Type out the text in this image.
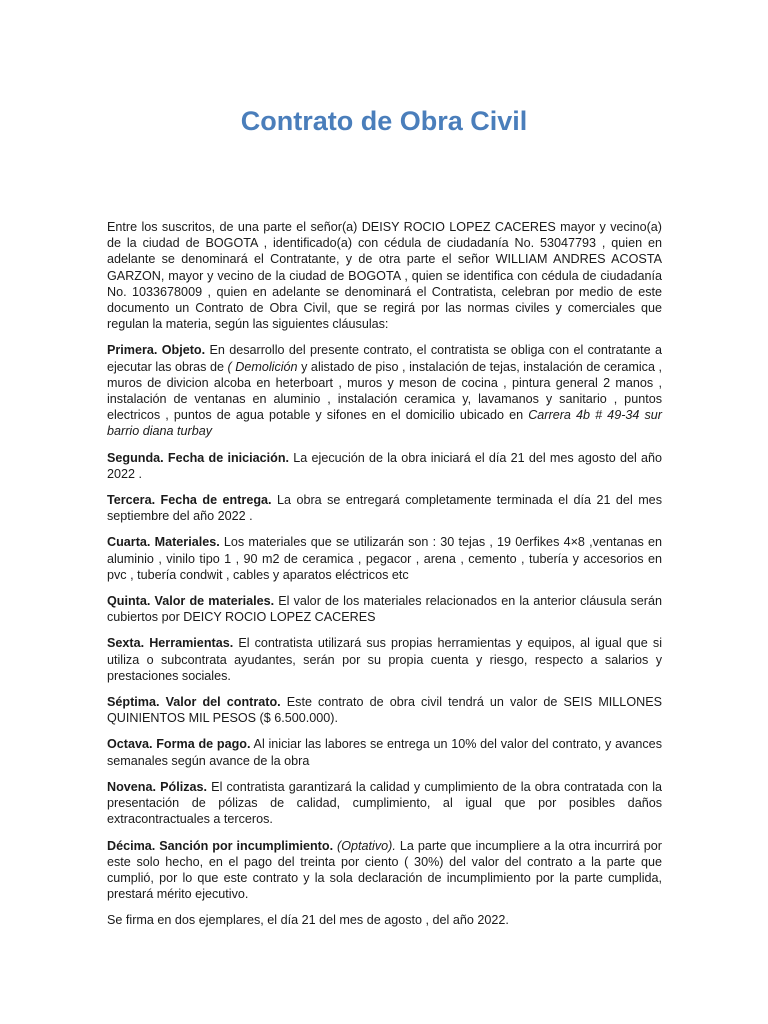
Contrato de Obra Civil

Entre los suscritos, de una parte el señor(a) DEISY ROCIO LOPEZ CACERES mayor y vecino(a) de la ciudad de BOGOTA , identificado(a) con cédula de ciudadanía No. 53047793 , quien en adelante se denominará el Contratante, y de otra parte el señor WILLIAM ANDRES ACOSTA GARZON, mayor y vecino de la ciudad de BOGOTA , quien se identifica con cédula de ciudadanía No. 1033678009 , quien en adelante se denominará el Contratista, celebran por medio de este documento un Contrato de Obra Civil, que se regirá por las normas civiles y comerciales que regulan la materia, según las siguientes cláusulas:

Primera. Objeto. En desarrollo del presente contrato, el contratista se obliga con el contratante a ejecutar las obras de ( Demolición y alistado de piso , instalación de tejas, instalación de ceramica , muros de divicion alcoba en heterboart , muros y meson de cocina , pintura general 2 manos , instalación de ventanas en aluminio , instalación ceramica y, lavamanos y sanitario , puntos electricos , puntos de agua potable y sifones en el domicilio ubicado en Carrera 4b # 49-34 sur barrio diana turbay

Segunda. Fecha de iniciación. La ejecución de la obra iniciará el día 21 del mes agosto del año 2022 .

Tercera. Fecha de entrega. La obra se entregará completamente terminada el día 21 del mes septiembre del año 2022 .

Cuarta. Materiales. Los materiales que se utilizarán son : 30 tejas , 19 0erfikes 4×8 ,ventanas en aluminio , vinilo tipo 1 , 90 m2 de ceramica , pegacor , arena , cemento , tubería y accesorios en pvc , tubería condwit , cables y aparatos eléctricos etc

Quinta. Valor de materiales. El valor de los materiales relacionados en la anterior cláusula serán cubiertos por DEICY ROCIO LOPEZ CACERES

Sexta. Herramientas. El contratista utilizará sus propias herramientas y equipos, al igual que si utiliza o subcontrata ayudantes, serán por su propia cuenta y riesgo, respecto a salarios y prestaciones sociales.

Séptima. Valor del contrato. Este contrato de obra civil tendrá un valor de SEIS MILLONES QUINIENTOS MIL PESOS ($ 6.500.000).

Octava. Forma de pago. Al iniciar las labores se entrega un 10% del valor del contrato, y avances semanales según avance de la obra

Novena. Pólizas. El contratista garantizará la calidad y cumplimiento de la obra contratada con la presentación de pólizas de calidad, cumplimiento, al igual que por posibles daños extracontractuales a terceros.

Décima. Sanción por incumplimiento. (Optativo). La parte que incumpliere a la otra incurrirá por este solo hecho, en el pago del treinta por ciento ( 30%) del valor del contrato a la parte que cumplió, por lo que este contrato y la sola declaración de incumplimiento por la parte cumplida, prestará mérito ejecutivo.

Se firma en dos ejemplares, el día 21 del mes de agosto , del año 2022.
